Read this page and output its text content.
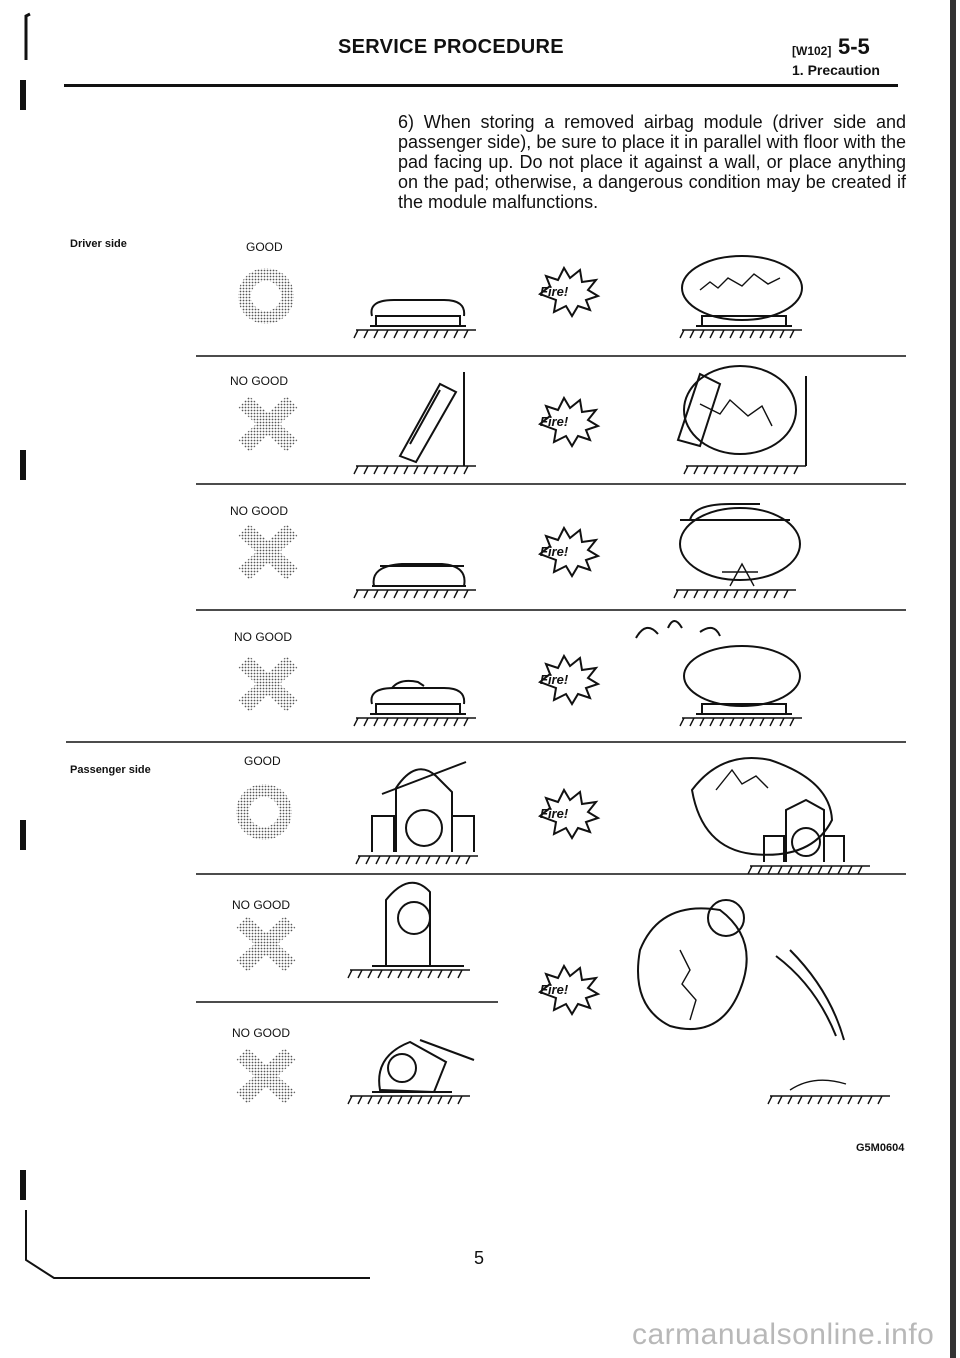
SERVICE PROCEDURE	[W102] 5-5
1. Precaution
6) When storing a removed airbag module (driver side and passenger side), be sure to place it in parallel with floor with the pad facing up. Do not place it against a wall, or place anything on the pad; otherwise, a dangerous condition may be created if the module malfunctions.
Driver side
Passenger side
GOOD
NO GOOD
NO GOOD
NO GOOD
GOOD
NO GOOD
NO GOOD
Fire!
Fire!
Fire!
Fire!
Fire!
Fire!
G5M0604
5
carmanualsonline.info
